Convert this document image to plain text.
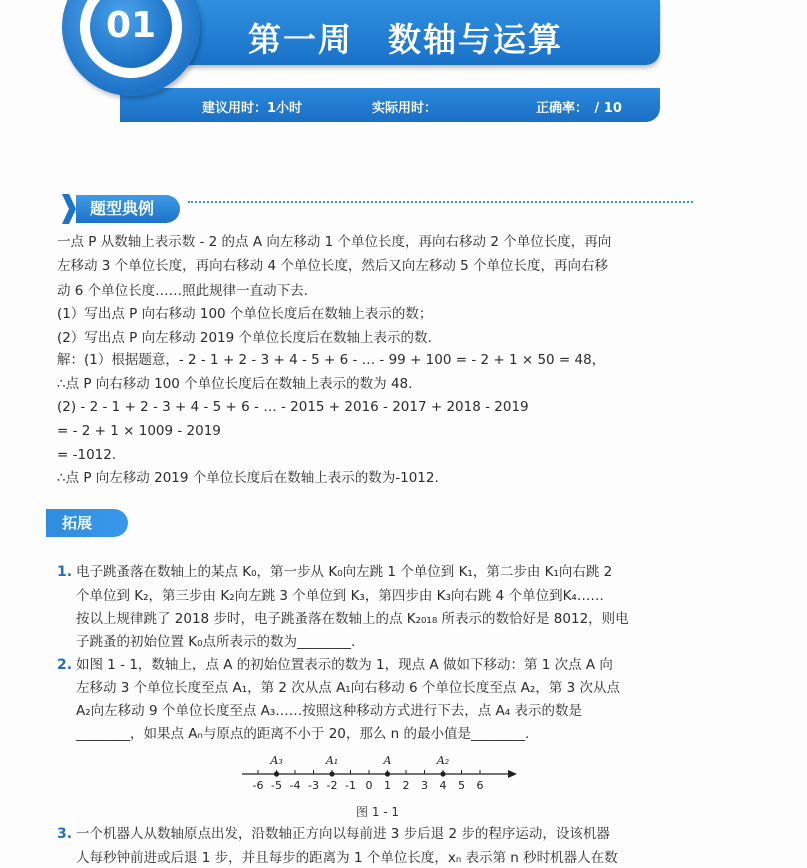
第一周　数轴与运算
建议用时：1小时	实际用时：	正确率：　/ 10
01
题型典例
一点 P 从数轴上表示数 - 2 的点 A 向左移动 1 个单位长度，再向右移动 2 个单位长度，再向
左移动 3 个单位长度，再向右移动 4 个单位长度，然后又向左移动 5 个单位长度，再向右移
动 6 个单位长度……照此规律一直动下去.
(1）写出点 P 向右移动 100 个单位长度后在数轴上表示的数；
(2）写出点 P 向左移动 2019 个单位长度后在数轴上表示的数.
解：(1）根据题意，- 2 - 1 + 2 - 3 + 4 - 5 + 6 - … - 99 + 100 = - 2 + 1 × 50 = 48，
∴点 P 向右移动 100 个单位长度后在数轴上表示的数为 48.
(2) - 2 - 1 + 2 - 3 + 4 - 5 + 6 - … - 2015 + 2016 - 2017 + 2018 - 2019
= - 2 + 1 × 1009 - 2019
= -1012.
∴点 P 向左移动 2019 个单位长度后在数轴上表示的数为-1012.
拓展
1. 电子跳蚤落在数轴上的某点 K₀，第一步从 K₀向左跳 1 个单位到 K₁，第二步由 K₁向右跳 2
个单位到 K₂，第三步由 K₂向左跳 3 个单位到 K₃，第四步由 K₃向右跳 4 个单位到K₄……
按以上规律跳了 2018 步时，电子跳蚤落在数轴上的点 K₂₀₁₈ 所表示的数恰好是 8012，则电
子跳蚤的初始位置 K₀点所表示的数为________.
2. 如图 1 - 1，数轴上，点 A 的初始位置表示的数为 1，现点 A 做如下移动：第 1 次点 A 向
左移动 3 个单位长度至点 A₁，第 2 次从点 A₁向右移动 6 个单位长度至点 A₂，第 3 次从点
A₂向左移动 9 个单位长度至点 A₃……按照这种移动方式进行下去，点 A₄ 表示的数是
________，如果点 Aₙ与原点的距离不小于 20，那么 n 的最小值是________.
-6 -5 -4 -3 -2 -1 0 1 2 3 4 5 6
A₃	A₁	A	A₂
图 1 - 1
3. 一个机器人从数轴原点出发，沿数轴正方向以每前进 3 步后退 2 步的程序运动，设该机器
人每秒钟前进或后退 1 步，并且每步的距离为 1 个单位长度，xₙ 表示第 n 秒时机器人在数
